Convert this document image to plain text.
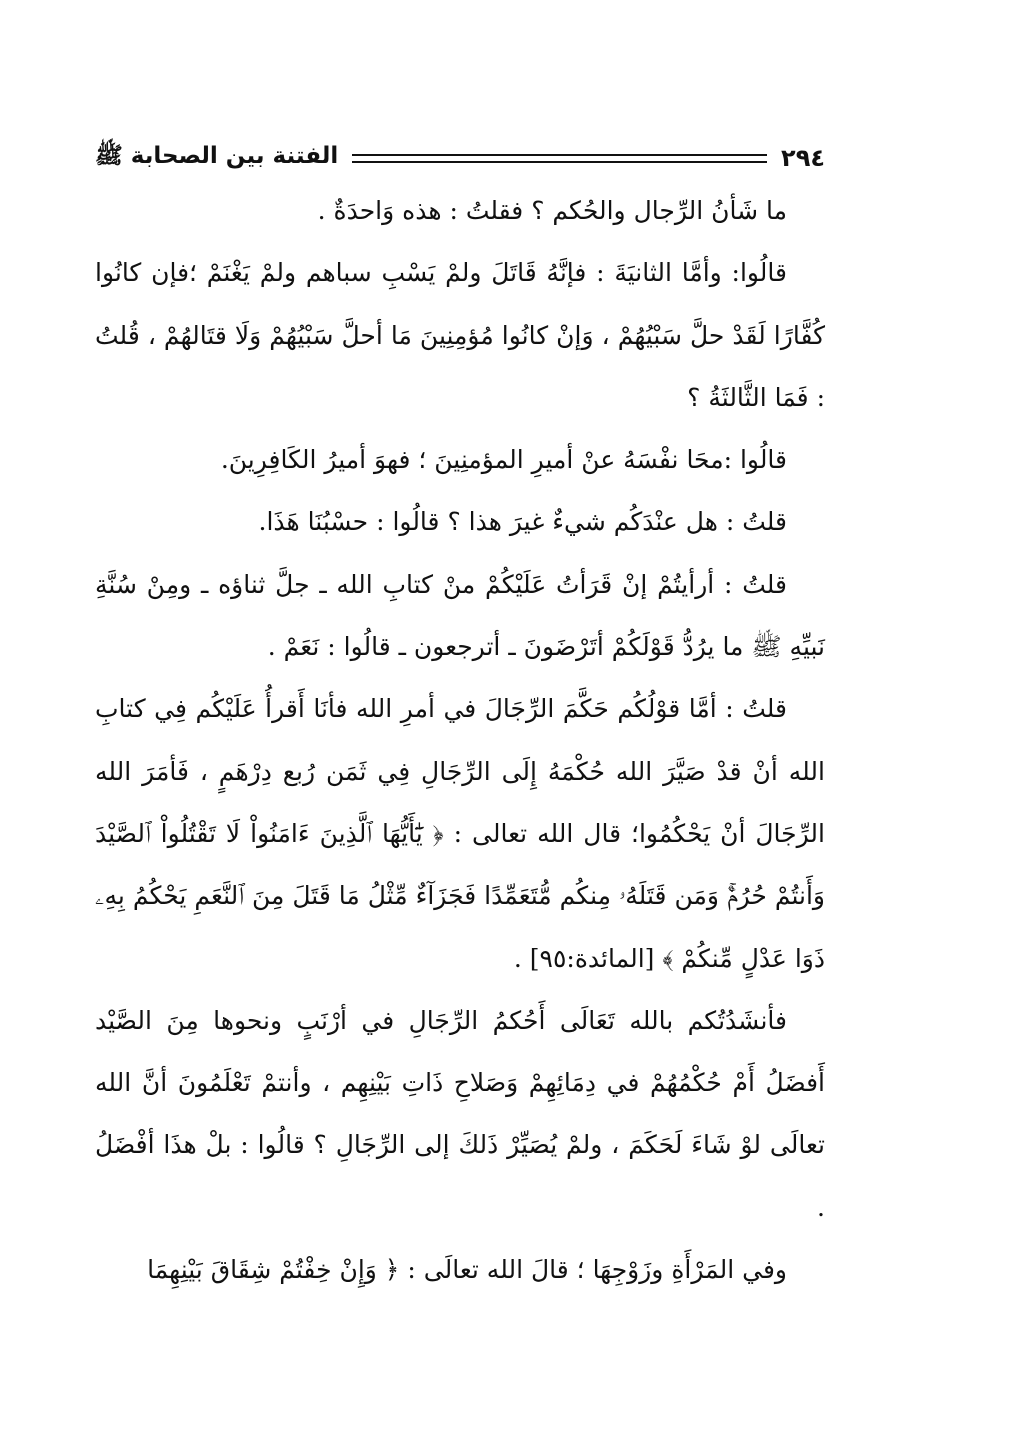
٢٩٤
الفتنة بين الصحابة ﷺ

ما شَأنُ الرِّجال والحُكم ؟ فقلتُ : هذه وَاحدَةٌ .

قالُوا: وأمَّا الثانيَةَ : فإنَّهُ قَاتَلَ ولمْ يَسْبِ سباهم ولمْ يَغْنَمْ ؛فإن كانُوا كُفَّارًا لَقَدْ حلَّ سَبْيُهُمْ ، وَإنْ كانُوا مُؤمِنِينَ مَا أحلَّ سَبْيُهُمْ وَلَا قتَالهُمْ ، قُلتُ : فَمَا الثَّالثَةُ ؟

قالُوا :محَا نفْسَهُ عنْ أميرِ المؤمنِينَ ؛ فهوَ أميرُ الكَافِرِينَ.

قلتُ : هل عنْدَكُم شيءٌ غيرَ هذا ؟ قالُوا : حسْبُنَا هَذَا.

قلتُ : أرأيتُمْ إنْ قَرَأتُ عَلَيْكُمْ منْ كتابِ الله ـ جلَّ ثناؤه ـ ومِنْ سُنَّةِ نَبيِّهِ ﷺ ما يرُدُّ قَوْلَكُمْ أتَرْضَونَ ـ أترجعون ـ قالُوا : نَعَمْ .

قلتُ : أمَّا قوْلُكُم حَكَّمَ الرِّجَالَ في أمرِ الله فأنَا أَقرأُ عَلَيْكُم فِي كتابِ الله أنْ قدْ صَيَّرَ الله حُكْمَهُ إِلَى الرِّجَالِ فِي ثَمَن رُبع دِرْهَمٍ ، فَأمَرَ الله الرِّجَالَ أنْ يَحْكُمُوا؛ قال الله تعالى : ﴿ يَٰٓأَيُّهَا ٱلَّذِينَ ءَامَنُواْ لَا تَقْتُلُواْ ٱلصَّيْدَ وَأَنتُمْ حُرُمٌۚ وَمَن قَتَلَهُۥ مِنكُم مُّتَعَمِّدًا فَجَزَآءٌ مِّثْلُ مَا قَتَلَ مِنَ ٱلنَّعَمِ يَحْكُمُ بِهِۦ ذَوَا عَدْلٍ مِّنكُمْ ﴾ [المائدة:٩٥] .

فأنشَدُتُكم بالله تَعَالَى أَحُكمُ الرِّجَالِ في أرْنَبٍ ونحوها مِنَ الصَّيْد أَفضَلُ أَمْ حُكْمُهُمْ في دِمَائِهِمْ وَصَلاحِ ذَاتِ بَيْنِهِم ، وأنتمْ تَعْلَمُونَ أنَّ الله تعالَى لوْ شَاءَ لَحَكَمَ ، ولمْ يُصَيِّرْ ذَلكَ إلى الرِّجَالِ ؟ قالُوا : بلْ هذَا أفْضَلُ .

وفي المَرْأَةِ وزَوْجِهَا ؛ قالَ الله تعالَى : ﴿ وَإِنْ خِفْتُمْ شِقَاقَ بَيْنِهِمَا
